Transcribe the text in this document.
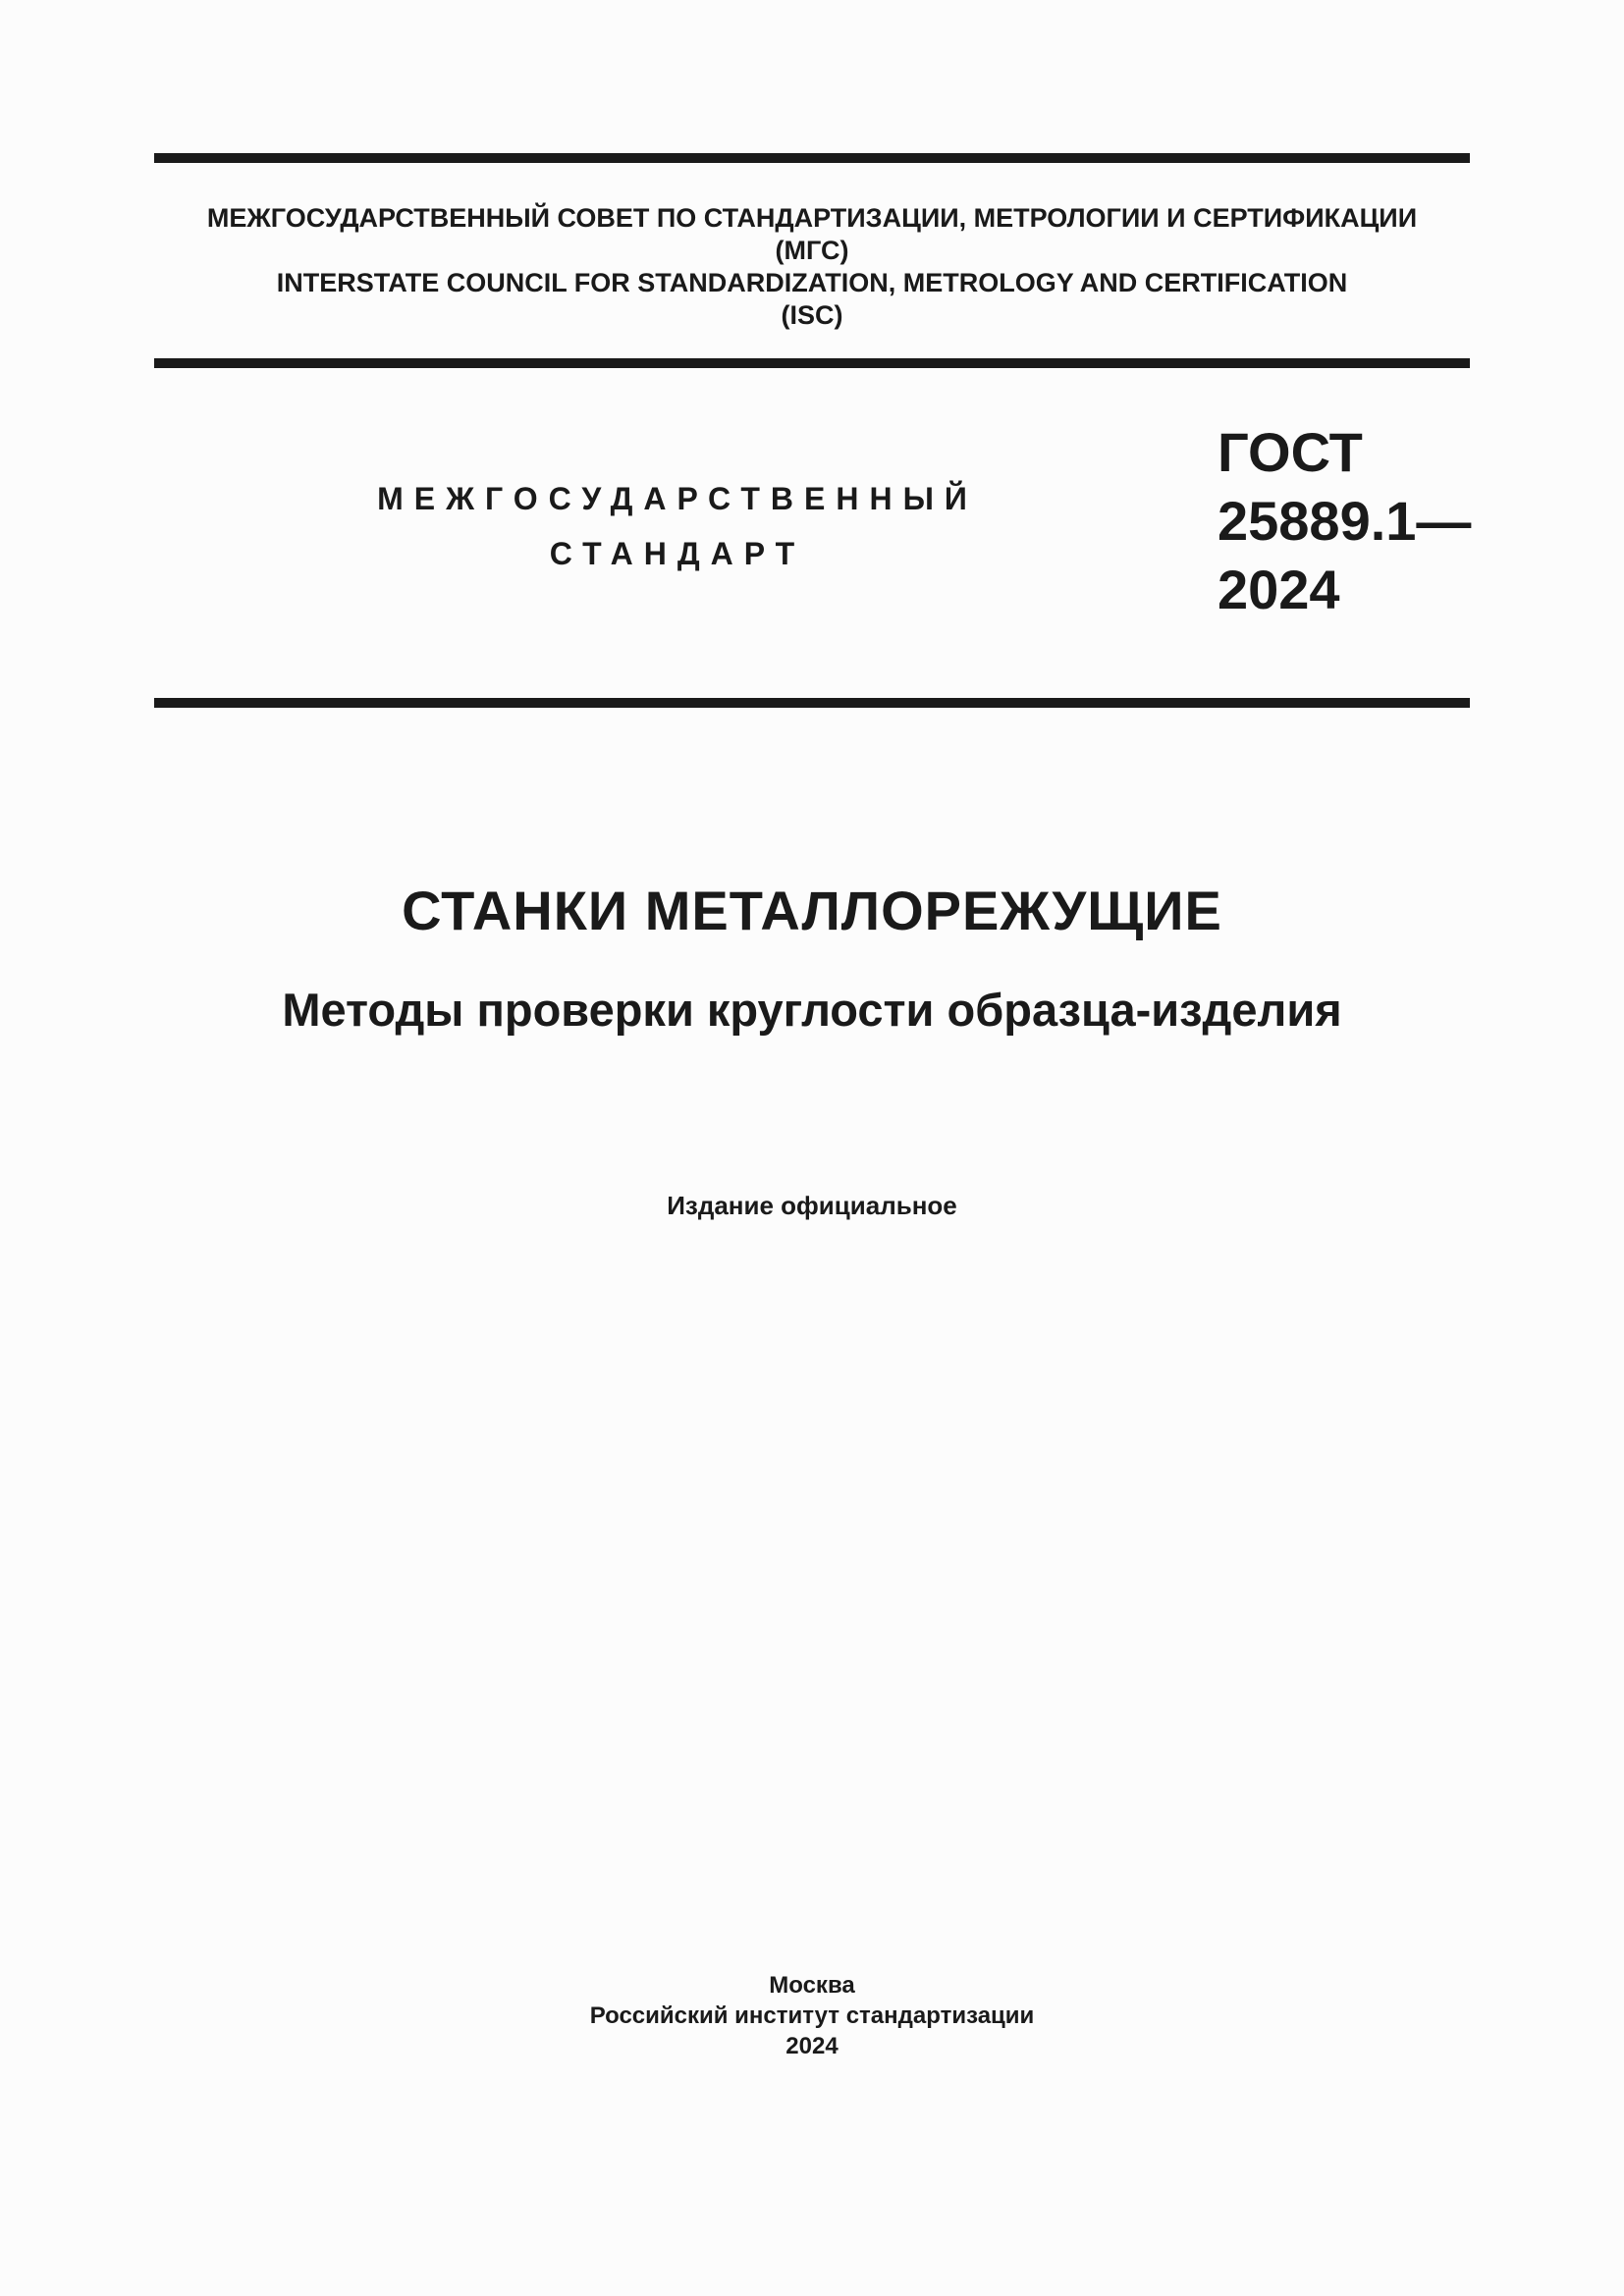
МЕЖГОСУДАРСТВЕННЫЙ СОВЕТ ПО СТАНДАРТИЗАЦИИ, МЕТРОЛОГИИ И СЕРТИФИКАЦИИ
(МГС)
INTERSTATE COUNCIL FOR STANDARDIZATION, METROLOGY AND CERTIFICATION
(ISC)
МЕЖГОСУДАРСТВЕННЫЙ
СТАНДАРТ
ГОСТ
25889.1—
2024
СТАНКИ МЕТАЛЛОРЕЖУЩИЕ
Методы проверки круглости образца-изделия
Издание официальное
Москва
Российский институт стандартизации
2024
